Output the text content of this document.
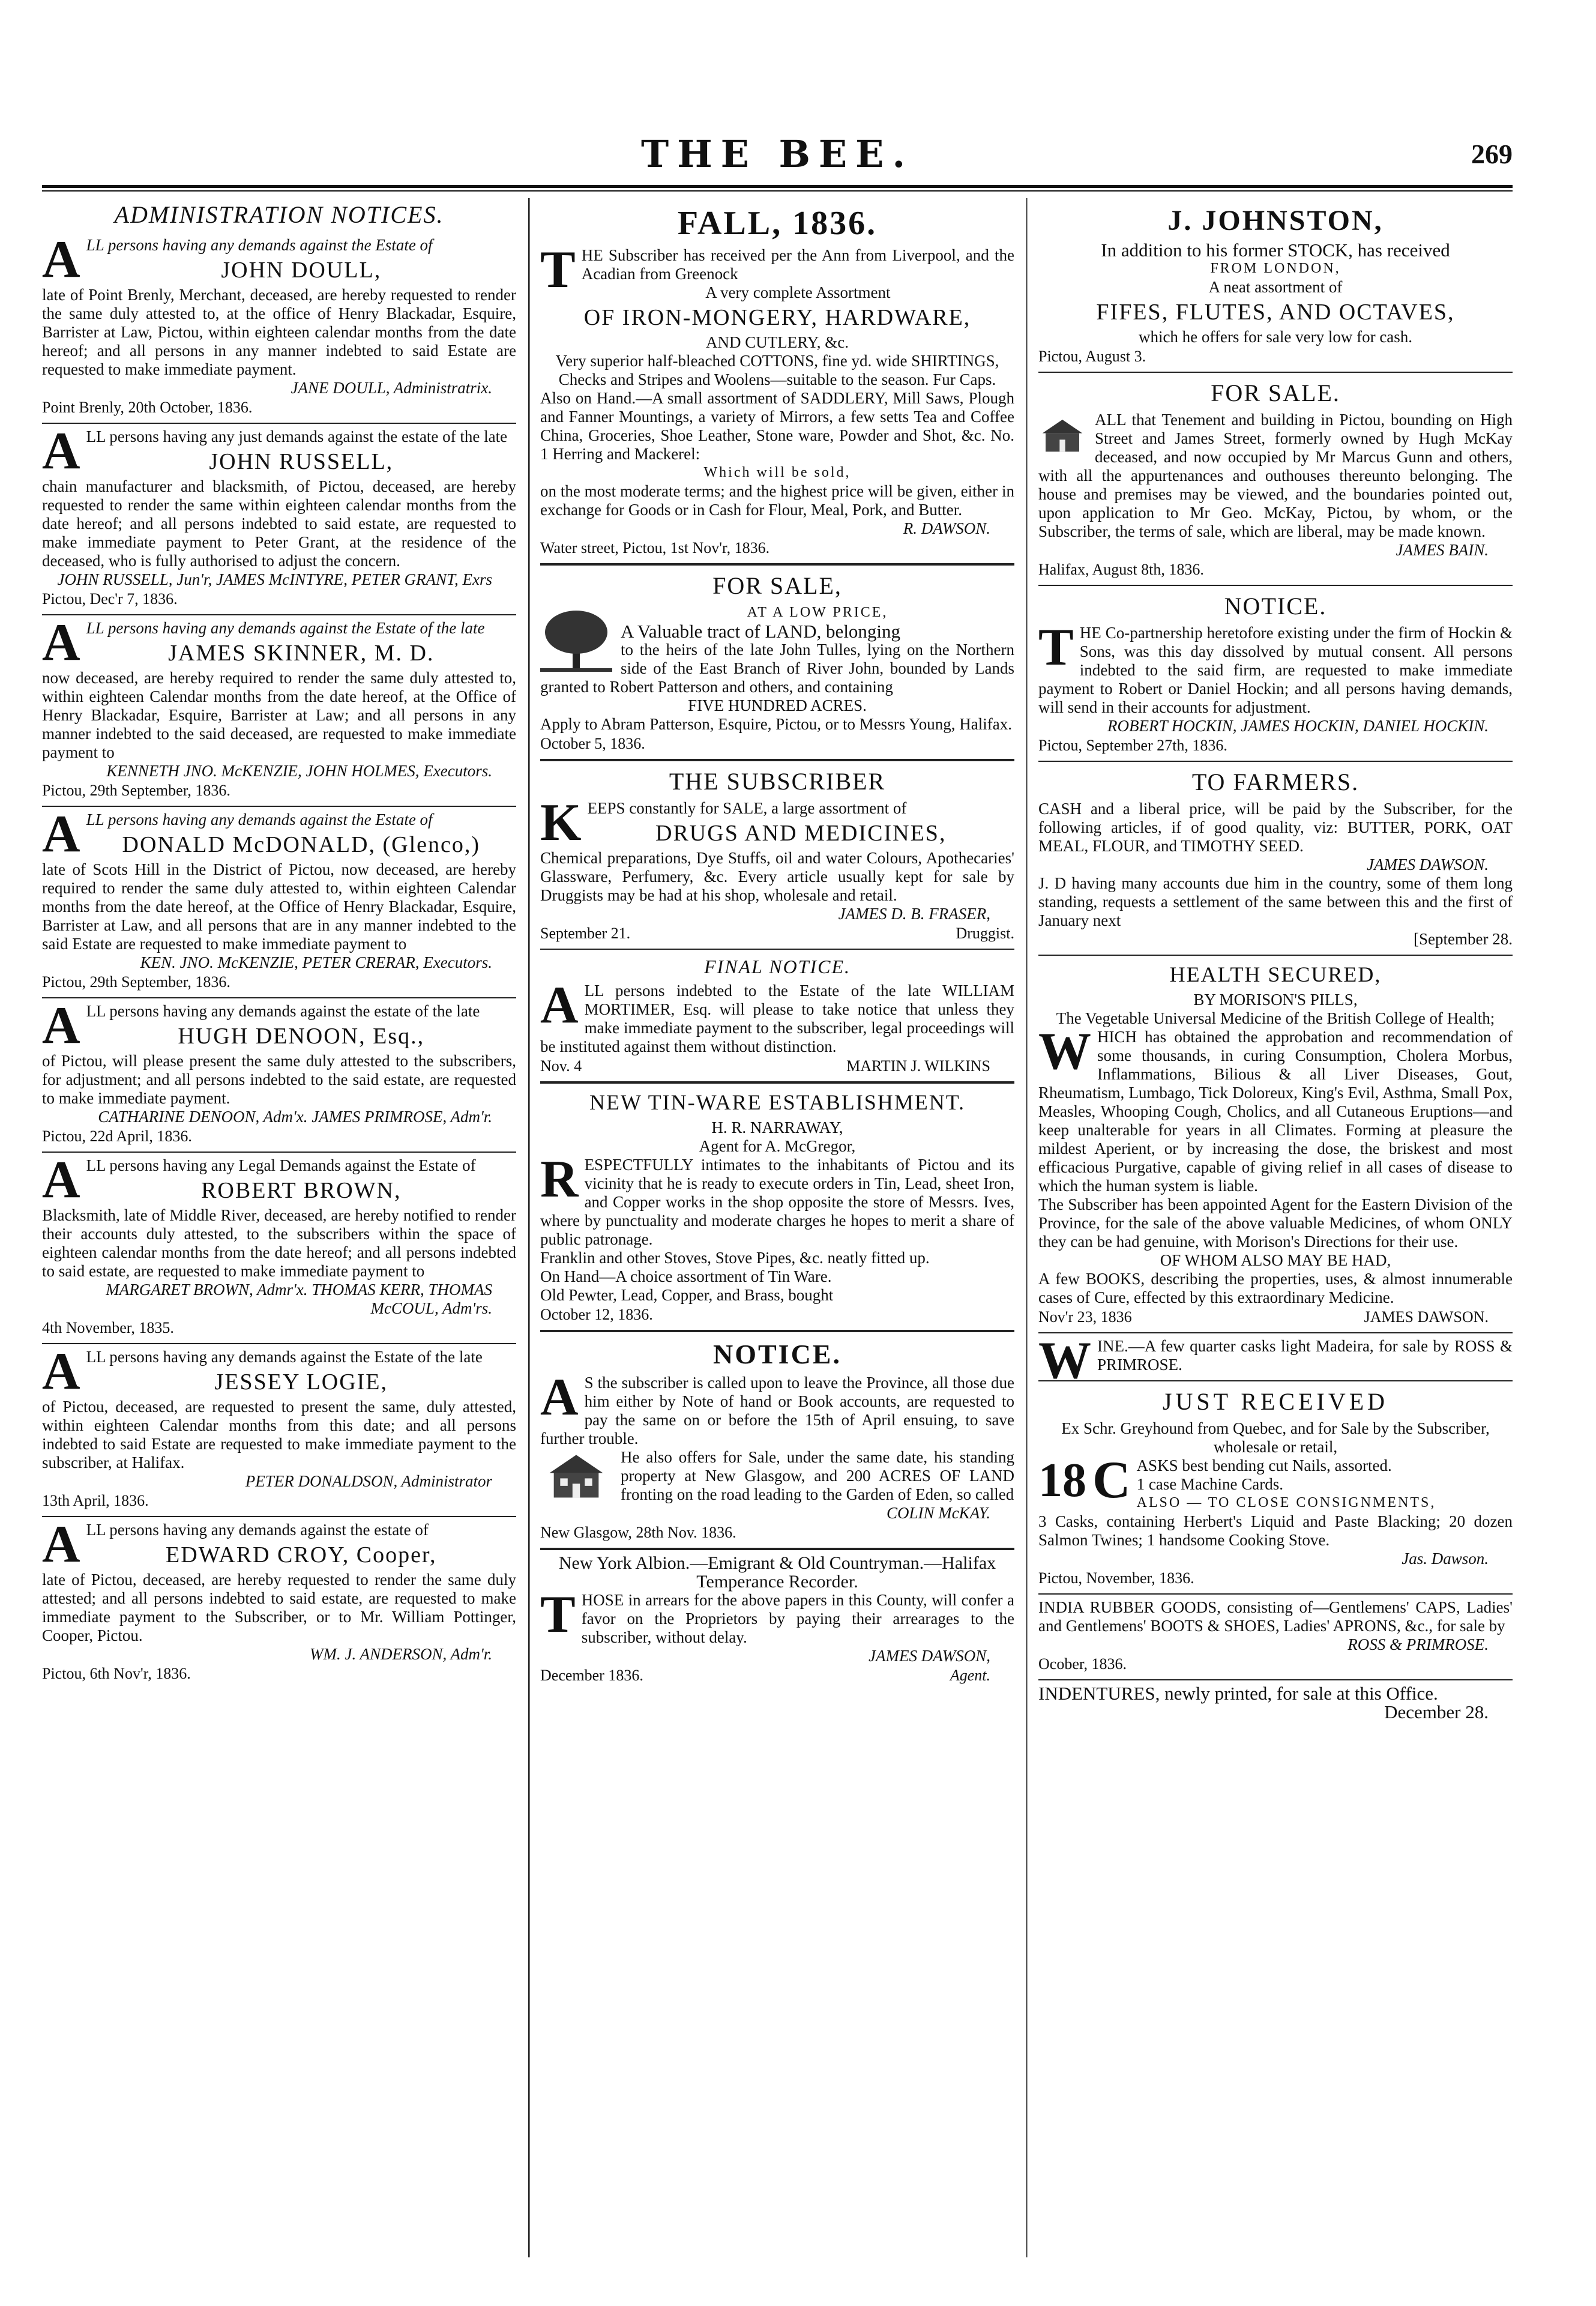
THE BEE.	269
ADMINISTRATION NOTICES.
ALL persons having any demands against the Estate of
JOHN DOULL,
late of Point Brenly, Merchant, deceased, are hereby requested to render the same duly attested to, at the office of Henry Blackadar, Esquire, Barrister at Law, Pictou, within eighteen calendar months from the date hereof; and all persons in any manner indebted to said Estate are requested to make immediate payment.
JANE DOULL, Administratrix.
Point Brenly, 20th October, 1836.
ALL persons having any just demands against the estate of the late
JOHN RUSSELL,
chain manufacturer and blacksmith, of Pictou, deceased, are hereby requested to render the same within eighteen calendar months from the date hereof; and all persons indebted to said estate, are requested to make immediate payment to Peter Grant, at the residence of the deceased, who is fully authorised to adjust the concern.
JOHN RUSSELL, Jun'r, JAMES McINTYRE, PETER GRANT, Exrs
Pictou, Dec'r 7, 1836.
ALL persons having any demands against the Estate of the late
JAMES SKINNER, M. D.
now deceased, are hereby required to render the same duly attested to, within eighteen Calendar months from the date hereof, at the Office of Henry Blackadar, Esquire, Barrister at Law; and all persons in any manner indebted to the said deceased, are requested to make immediate payment to
KENNETH JNO. McKENZIE, JOHN HOLMES, Executors.
Pictou, 29th September, 1836.
ALL persons having any demands against the Estate of
DONALD McDONALD, (Glenco,)
late of Scots Hill in the District of Pictou, now deceased, are hereby required to render the same duly attested to, within eighteen Calendar months from the date hereof, at the Office of Henry Blackadar, Esquire, Barrister at Law, and all persons that are in any manner indebted to the said Estate are requested to make immediate payment to
KEN. JNO. McKENZIE, PETER CRERAR, Executors.
Pictou, 29th September, 1836.
ALL persons having any demands against the estate of the late
HUGH DENOON, Esq.,
of Pictou, will please present the same duly attested to the subscribers, for adjustment; and all persons indebted to the said estate, are requested to make immediate payment.
CATHARINE DENOON, Adm'x. JAMES PRIMROSE, Adm'r.
Pictou, 22d April, 1836.
ALL persons having any Legal Demands against the Estate of
ROBERT BROWN,
Blacksmith, late of Middle River, deceased, are hereby notified to render their accounts duly attested, to the subscribers within the space of eighteen calendar months from the date hereof; and all persons indebted to said estate, are requested to make immediate payment to
MARGARET BROWN, Admr'x. THOMAS KERR, THOMAS McCOUL, Adm'rs.
4th November, 1835.
ALL persons having any demands against the Estate of the late
JESSEY LOGIE,
of Pictou, deceased, are requested to present the same, duly attested, within eighteen Calendar months from this date; and all persons indebted to said Estate are requested to make immediate payment to the subscriber, at Halifax.
PETER DONALDSON, Administrator
13th April, 1836.
ALL persons having any demands against the estate of
EDWARD CROY, Cooper,
late of Pictou, deceased, are hereby requested to render the same duly attested; and all persons indebted to said estate, are requested to make immediate payment to the Subscriber, or to Mr. William Pottinger, Cooper, Pictou.
WM. J. ANDERSON, Adm'r.
Pictou, 6th Nov'r, 1836.
FALL, 1836.
THE Subscriber has received per the Ann from Liverpool, and the Acadian from Greenock
A very complete Assortment
OF IRON-MONGERY, HARDWARE,
AND CUTLERY, &c.
Very superior half-bleached COTTONS, fine yd. wide SHIRTINGS, Checks and Stripes and Woolens—suitable to the season. Fur Caps.
Also on Hand.—A small assortment of SADDLERY, Mill Saws, Plough and Fanner Mountings, a variety of Mirrors, a few setts Tea and Coffee China, Groceries, Shoe Leather, Stone ware, Powder and Shot, &c. No. 1 Herring and Mackerel:
Which will be sold,
on the most moderate terms; and the highest price will be given, either in exchange for Goods or in Cash for Flour, Meal, Pork, and Butter.
R. DAWSON.
Water street, Pictou, 1st Nov'r, 1836.
FOR SALE,
AT A LOW PRICE,
A Valuable tract of LAND, belonging
to the heirs of the late John Tulles, lying on the Northern side of the East Branch of River John, bounded by Lands granted to Robert Patterson and others, and containing
FIVE HUNDRED ACRES.
Apply to Abram Patterson, Esquire, Pictou, or to Messrs Young, Halifax.
October 5, 1836.
THE SUBSCRIBER
KEEPS constantly for SALE, a large assortment of
DRUGS AND MEDICINES,
Chemical preparations, Dye Stuffs, oil and water Colours, Apothecaries' Glassware, Perfumery, &c. Every article usually kept for sale by Druggists may be had at his shop, wholesale and retail.
JAMES D. B. FRASER,
September 21.	Druggist.
FINAL NOTICE.
ALL persons indebted to the Estate of the late WILLIAM MORTIMER, Esq. will please to take notice that unless they make immediate payment to the subscriber, legal proceedings will be instituted against them without distinction.
Nov. 4	MARTIN J. WILKINS
NEW TIN-WARE ESTABLISHMENT.
H. R. NARRAWAY,
Agent for A. McGregor,
RESPECTFULLY intimates to the inhabitants of Pictou and its vicinity that he is ready to execute orders in Tin, Lead, sheet Iron, and Copper works in the shop opposite the store of Messrs. Ives, where by punctuality and moderate charges he hopes to merit a share of public patronage.
Franklin and other Stoves, Stove Pipes, &c. neatly fitted up.
On Hand—A choice assortment of Tin Ware.
Old Pewter, Lead, Copper, and Brass, bought
October 12, 1836.
NOTICE.
A S the subscriber is called upon to leave the Province, all those due him either by Note of hand or Book accounts, are requested to pay the same on or before the 15th of April ensuing, to save further trouble.
He also offers for Sale, under the same date, his standing property at New Glasgow, and 200 ACRES OF LAND fronting on the road leading to the Garden of Eden, so called
COLIN McKAY.
New Glasgow, 28th Nov. 1836.
New York Albion.—Emigrant & Old Countryman.—Halifax Temperance Recorder.
THOSE in arrears for the above papers in this County, will confer a favor on the Proprietors by paying their arrearages to the subscriber, without delay.
JAMES DAWSON,
December 1836.	Agent.
J. JOHNSTON,
In addition to his former STOCK, has received
FROM LONDON,
A neat assortment of
FIFES, FLUTES, AND OCTAVES,
which he offers for sale very low for cash.
Pictou, August 3.
FOR SALE.
ALL that Tenement and building in Pictou, bounding on High Street and James Street, formerly owned by Hugh McKay deceased, and now occupied by Mr Marcus Gunn and others, with all the appurtenances and outhouses thereunto belonging. The house and premises may be viewed, and the boundaries pointed out, upon application to Mr Geo. McKay, Pictou, by whom, or the Subscriber, the terms of sale, which are liberal, may be made known.
JAMES BAIN.
Halifax, August 8th, 1836.
NOTICE.
THE Co-partnership heretofore existing under the firm of Hockin & Sons, was this day dissolved by mutual consent. All persons indebted to the said firm, are requested to make immediate payment to Robert or Daniel Hockin; and all persons having demands, will send in their accounts for adjustment.
ROBERT HOCKIN, JAMES HOCKIN, DANIEL HOCKIN.
Pictou, September 27th, 1836.
TO FARMERS.
CASH and a liberal price, will be paid by the Subscriber, for the following articles, if of good quality, viz: BUTTER, PORK, OAT MEAL, FLOUR, and TIMOTHY SEED.
JAMES DAWSON.
J. D having many accounts due him in the country, some of them long standing, requests a settlement of the same between this and the first of January next
[September 28.
HEALTH SECURED,
BY MORISON'S PILLS,
The Vegetable Universal Medicine of the British College of Health;
WHICH has obtained the approbation and recommendation of some thousands, in curing Consumption, Cholera Morbus, Inflammations, Bilious & all Liver Diseases, Gout, Rheumatism, Lumbago, Tick Doloreux, King's Evil, Asthma, Small Pox, Measles, Whooping Cough, Cholics, and all Cutaneous Eruptions—and keep unalterable for years in all Climates. Forming at pleasure the mildest Aperient, or by increasing the dose, the briskest and most efficacious Purgative, capable of giving relief in all cases of disease to which the human system is liable.
The Subscriber has been appointed Agent for the Eastern Division of the Province, for the sale of the above valuable Medicines, of whom ONLY they can be had genuine, with Morison's Directions for their use.
OF WHOM ALSO MAY BE HAD,
A few BOOKS, describing the properties, uses, & almost innumerable cases of Cure, effected by this extraordinary Medicine.
Nov'r 23, 1836	JAMES DAWSON.
WINE.—A few quarter casks light Madeira, for sale by ROSS & PRIMROSE.
JUST RECEIVED
Ex Schr. Greyhound from Quebec, and for Sale by the Subscriber, wholesale or retail,
18 C ASKS best bending cut Nails, assorted.
1 case Machine Cards.
ALSO — TO CLOSE CONSIGNMENTS,
3 Casks, containing Herbert's Liquid and Paste Blacking; 20 dozen Salmon Twines; 1 handsome Cooking Stove.
Jas. Dawson.
Pictou, November, 1836.
INDIA RUBBER GOODS, consisting of—Gentlemens' CAPS, Ladies' and Gentlemens' BOOTS & SHOES, Ladies' APRONS, &c., for sale by
ROSS & PRIMROSE.
Ocober, 1836.
INDENTURES, newly printed, for sale at this Office.
December 28.
